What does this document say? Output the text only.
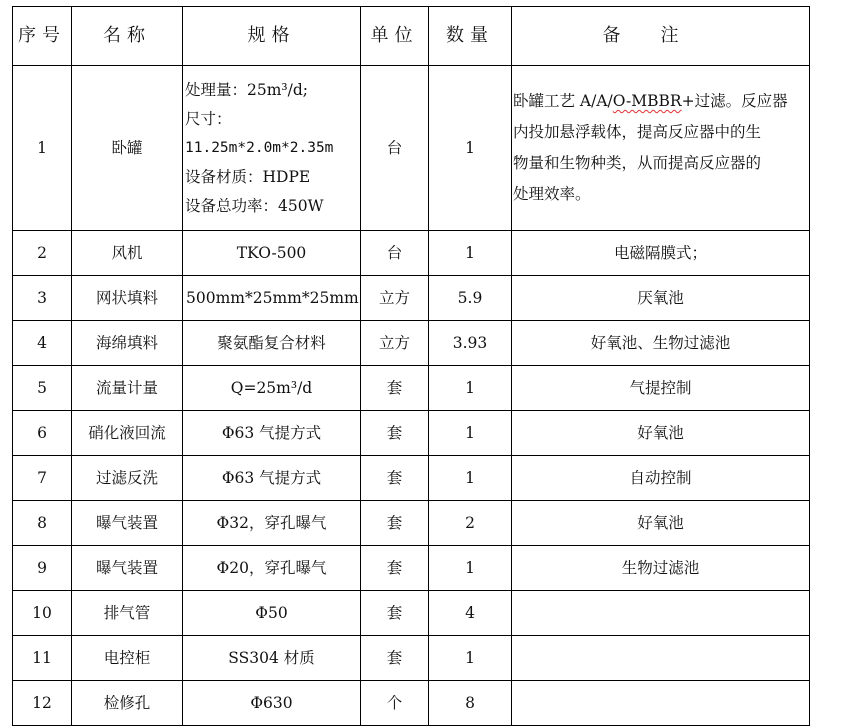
序号	名称	规格	单位	数量	备注
1	卧罐	处理量：25m³/d;
尺寸：
11.25m*2.0m*2.35m
设备材质：HDPE
设备总功率：450W	台	1	卧罐工艺 A/A/O-MBBR+过滤。反应器
内投加悬浮载体，提高反应器中的生
物量和生物种类，从而提高反应器的
处理效率。

2	风机	TKO-500	台	1	电磁隔膜式；
3	网状填料	500mm*25mm*25mm	立方	5.9	厌氧池
4	海绵填料	聚氨酯复合材料	立方	3.93	好氧池、生物过滤池
5	流量计量	Q=25m³/d	套	1	气提控制
6	硝化液回流	Φ63 气提方式	套	1	好氧池
7	过滤反洗	Φ63 气提方式	套	1	自动控制
8	曝气装置	Φ32，穿孔曝气	套	2	好氧池
9	曝气装置	Φ20，穿孔曝气	套	1	生物过滤池
10	排气管	Φ50	套	4	
11	电控柜	SS304 材质	套	1	
12	检修孔	Φ630	个	8	
